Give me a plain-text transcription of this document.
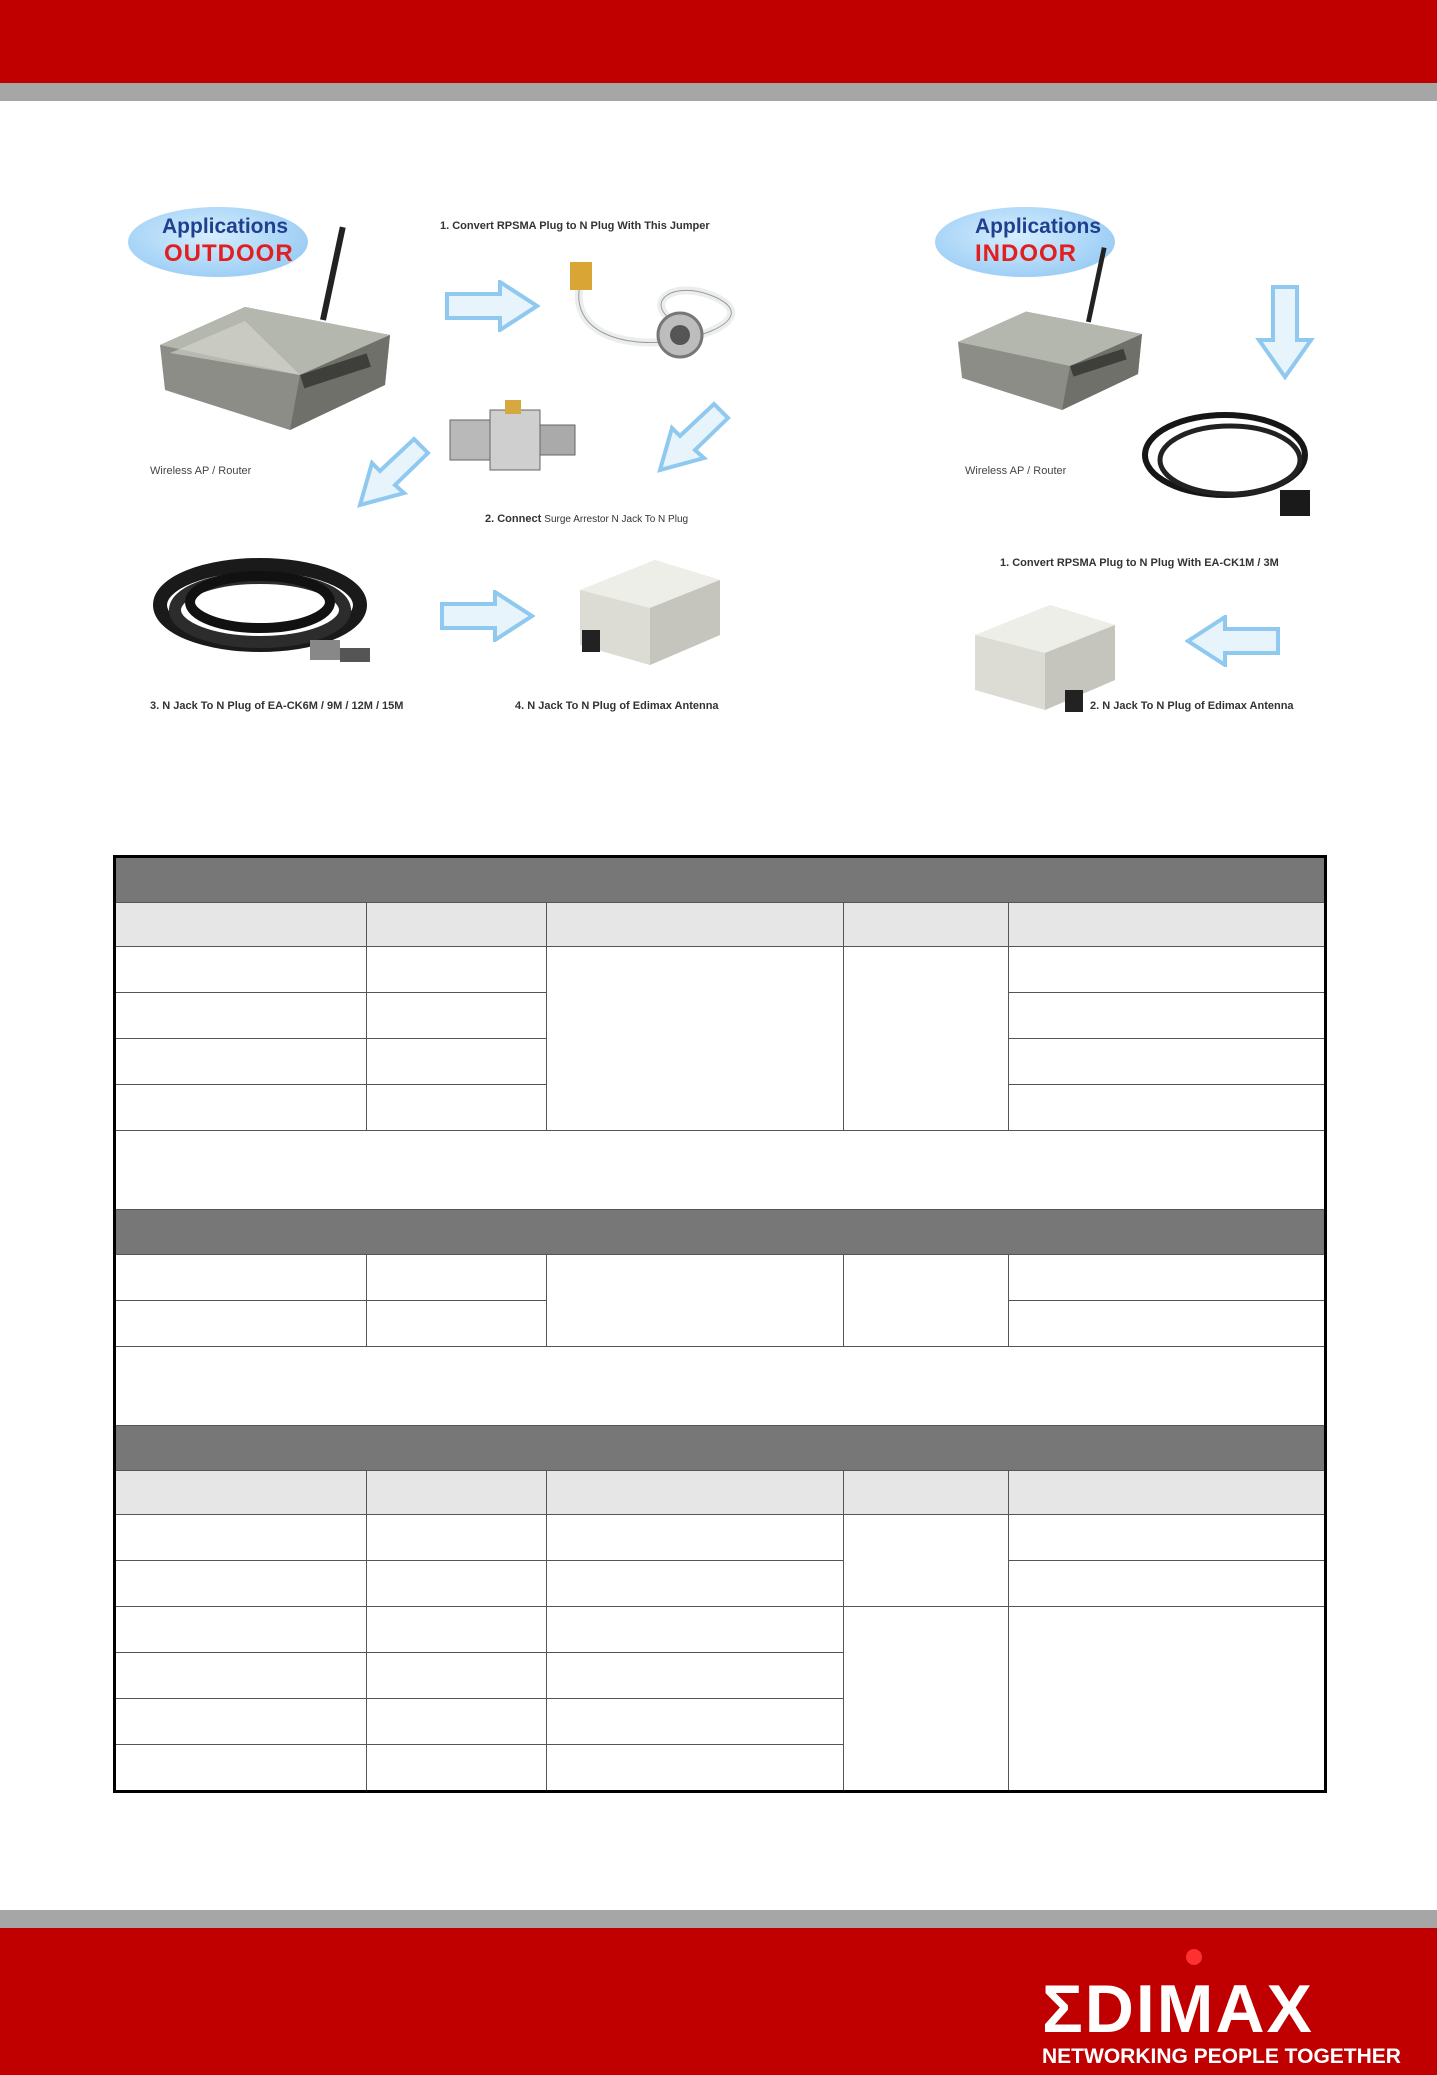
Applications
OUTDOOR
Wireless AP / Router
1. Convert RPSMA Plug to N Plug With This Jumper
2. Connect Surge Arrestor N Jack To N Plug
3. N Jack To N Plug of EA-CK6M / 9M / 12M / 15M	4. N Jack To N Plug of Edimax Antenna
Applications
INDOOR
Wireless AP / Router
1. Convert RPSMA Plug to N Plug With EA-CK1M / 3M
2. N Jack To N Plug of Edimax Antenna

ΣDIMAX
NETWORKING PEOPLE TOGETHER
